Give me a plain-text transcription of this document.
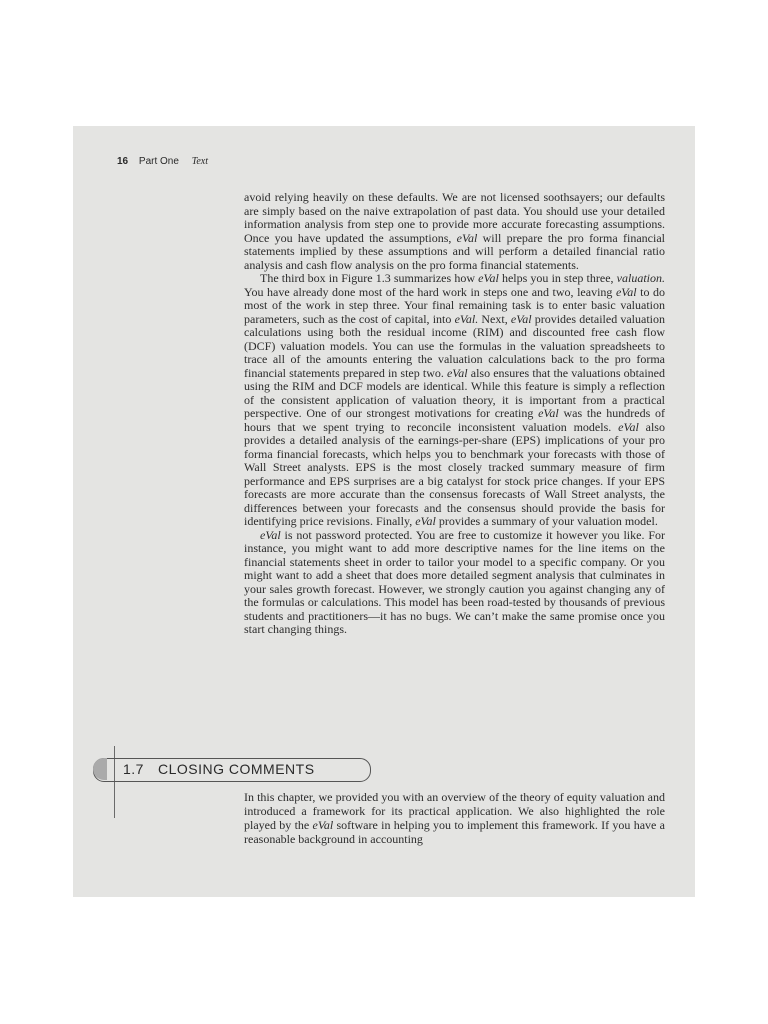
16 Part One Text

avoid relying heavily on these defaults. We are not licensed soothsayers; our defaults are simply based on the naive extrapolation of past data. You should use your detailed information analysis from step one to provide more accurate forecasting assumptions. Once you have updated the assumptions, eVal will prepare the pro forma financial statements implied by these assumptions and will perform a detailed financial ratio analysis and cash flow analysis on the pro forma financial statements.

The third box in Figure 1.3 summarizes how eVal helps you in step three, valuation. You have already done most of the hard work in steps one and two, leaving eVal to do most of the work in step three. Your final remaining task is to enter basic valuation parameters, such as the cost of capital, into eVal. Next, eVal provides detailed valuation calculations using both the residual income (RIM) and discounted free cash flow (DCF) valuation models. You can use the formulas in the valuation spreadsheets to trace all of the amounts entering the valuation calculations back to the pro forma financial statements prepared in step two. eVal also ensures that the valuations obtained using the RIM and DCF models are identical. While this feature is simply a reflection of the consistent application of valuation theory, it is important from a practical perspective. One of our strongest motivations for creating eVal was the hundreds of hours that we spent trying to reconcile inconsistent valuation models. eVal also provides a detailed analysis of the earnings-per-share (EPS) implications of your pro forma financial forecasts, which helps you to benchmark your forecasts with those of Wall Street analysts. EPS is the most closely tracked summary measure of firm performance and EPS surprises are a big catalyst for stock price changes. If your EPS forecasts are more accurate than the consensus forecasts of Wall Street analysts, the differences between your forecasts and the consensus should provide the basis for identifying price revisions. Finally, eVal provides a summary of your valuation model.

eVal is not password protected. You are free to customize it however you like. For instance, you might want to add more descriptive names for the line items on the financial statements sheet in order to tailor your model to a specific company. Or you might want to add a sheet that does more detailed segment analysis that culminates in your sales growth forecast. However, we strongly caution you against changing any of the formulas or calculations. This model has been road-tested by thousands of previous students and practitioners—it has no bugs. We can’t make the same promise once you start changing things.

1.7 CLOSING COMMENTS

In this chapter, we provided you with an overview of the theory of equity valuation and introduced a framework for its practical application. We also highlighted the role played by the eVal software in helping you to implement this framework. If you have a reasonable background in accounting
